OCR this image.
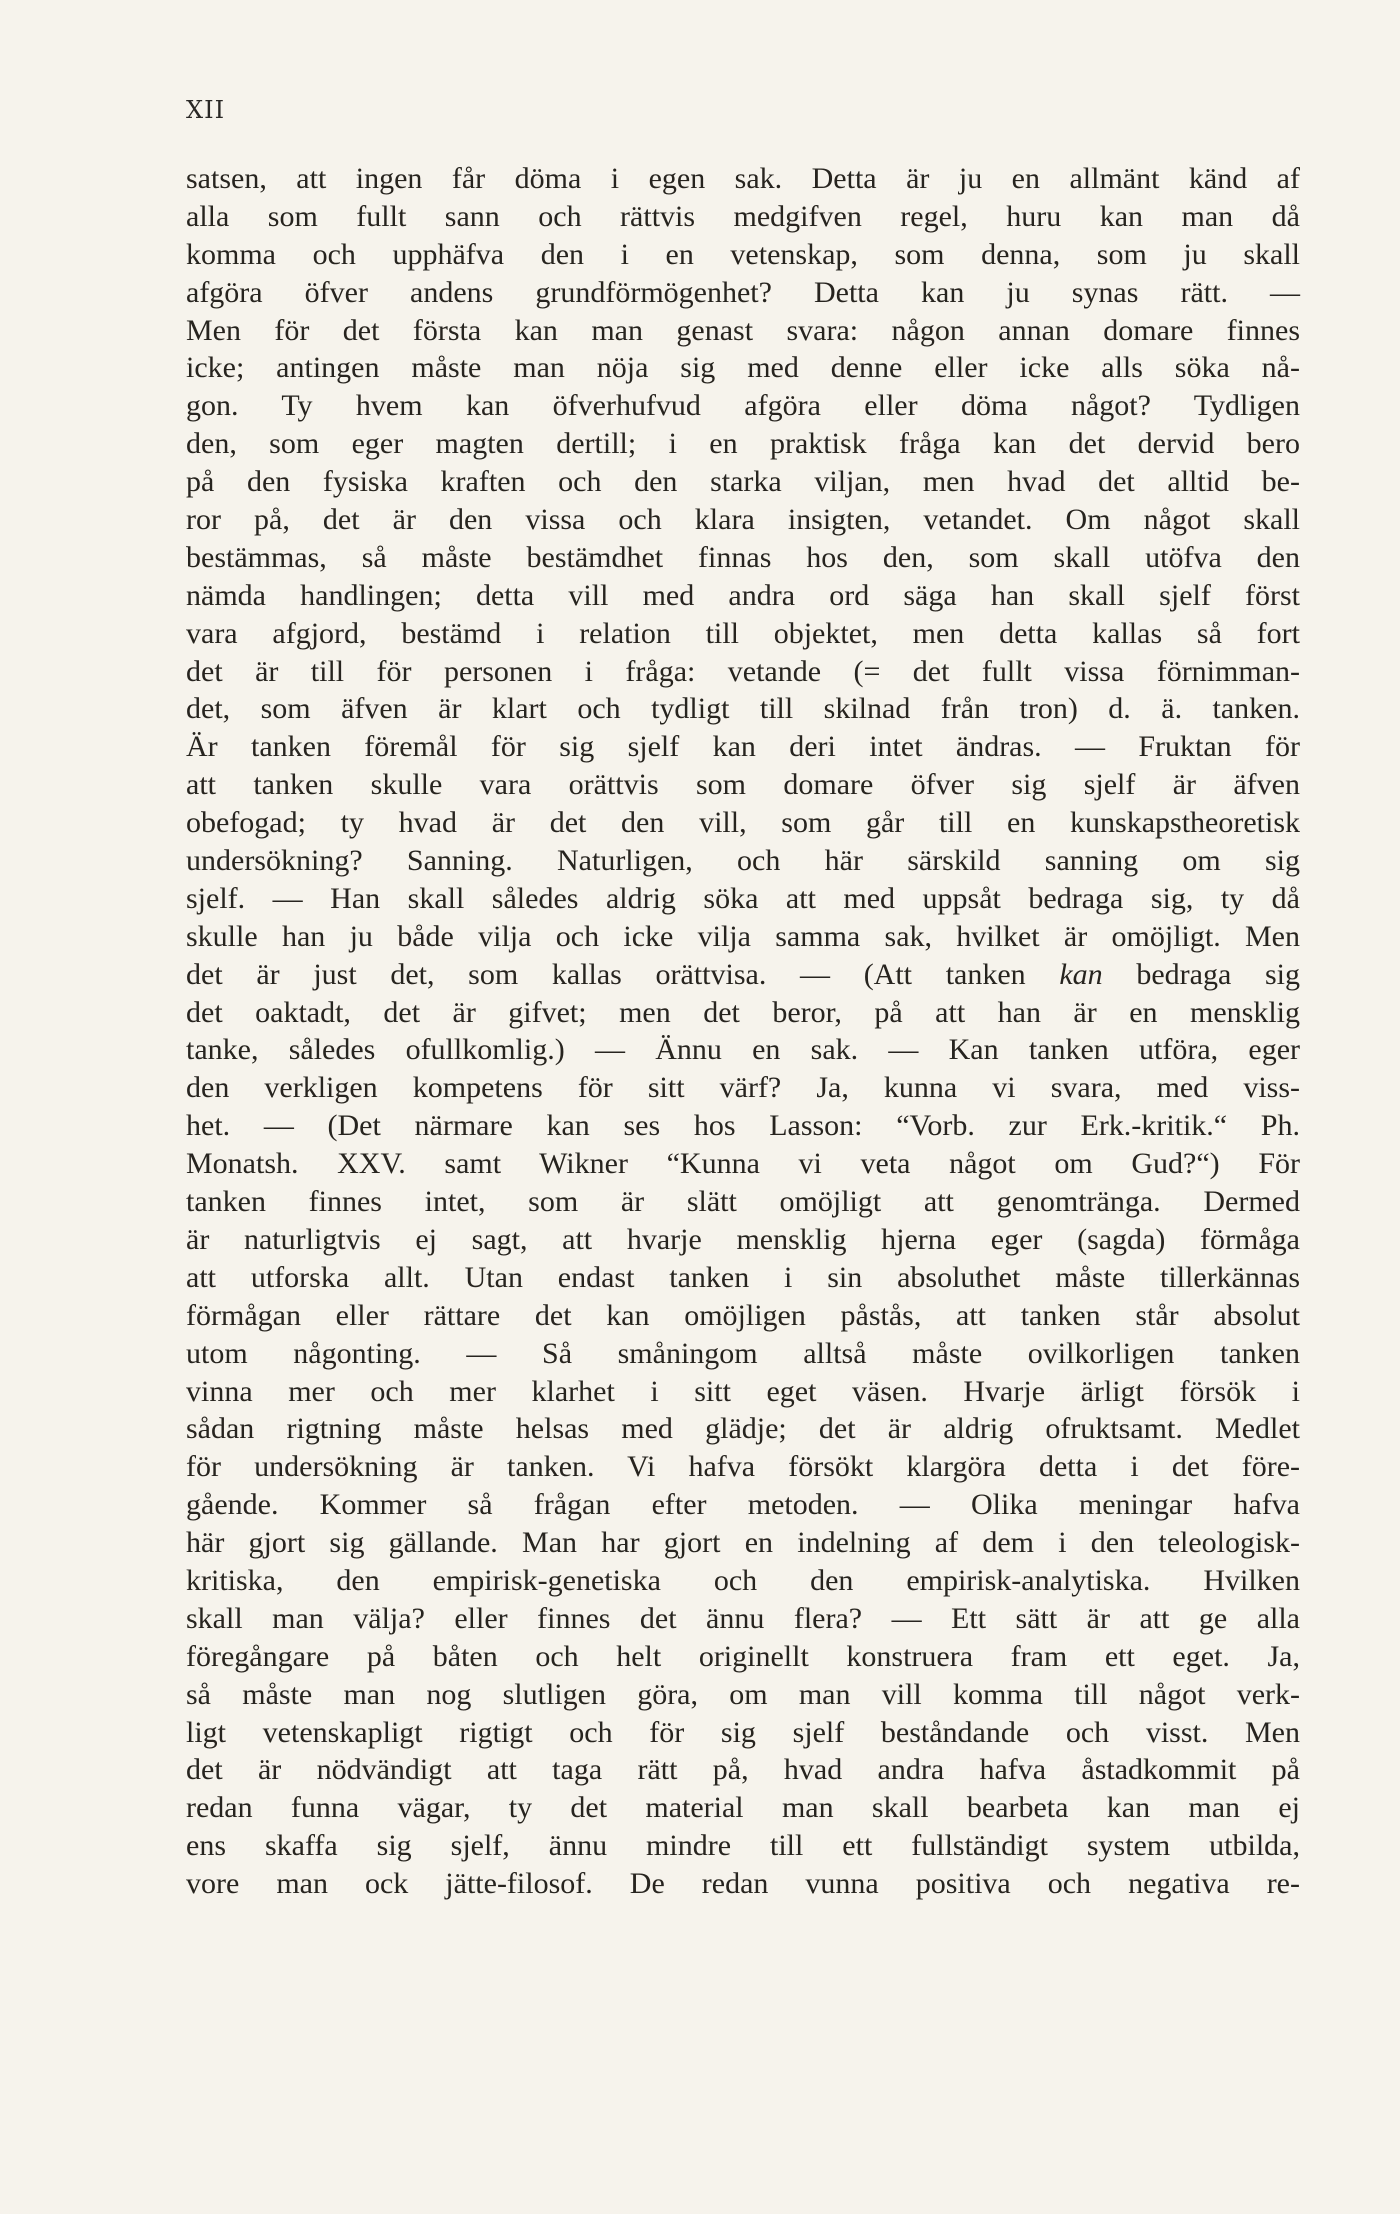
XII
satsen, att ingen får döma i egen sak. Detta är ju en allmänt känd af
alla som fullt sann och rättvis medgifven regel, huru kan man då
komma och upphäfva den i en vetenskap, som denna, som ju skall
afgöra öfver andens grundförmögenhet? Detta kan ju synas rätt. —
Men för det första kan man genast svara: någon annan domare finnes
icke; antingen måste man nöja sig med denne eller icke alls söka nå-
gon. Ty hvem kan öfverhufvud afgöra eller döma något? Tydligen
den, som eger magten dertill; i en praktisk fråga kan det dervid bero
på den fysiska kraften och den starka viljan, men hvad det alltid be-
ror på, det är den vissa och klara insigten, vetandet. Om något skall
bestämmas, så måste bestämdhet finnas hos den, som skall utöfva den
nämda handlingen; detta vill med andra ord säga han skall sjelf först
vara afgjord, bestämd i relation till objektet, men detta kallas så fort
det är till för personen i fråga: vetande (= det fullt vissa förnimman-
det, som äfven är klart och tydligt till skilnad från tron) d. ä. tanken.
Är tanken föremål för sig sjelf kan deri intet ändras. — Fruktan för
att tanken skulle vara orättvis som domare öfver sig sjelf är äfven
obefogad; ty hvad är det den vill, som går till en kunskapstheoretisk
undersökning? Sanning. Naturligen, och här särskild sanning om sig
sjelf. — Han skall således aldrig söka att med uppsåt bedraga sig, ty då
skulle han ju både vilja och icke vilja samma sak, hvilket är omöjligt. Men
det är just det, som kallas orättvisa. — (Att tanken kan bedraga sig
det oaktadt, det är gifvet; men det beror, på att han är en mensklig
tanke, således ofullkomlig.) — Ännu en sak. — Kan tanken utföra, eger
den verkligen kompetens för sitt värf? Ja, kunna vi svara, med viss-
het. — (Det närmare kan ses hos Lasson: “Vorb. zur Erk.-kritik.“ Ph.
Monatsh. XXV. samt Wikner “Kunna vi veta något om Gud?“) För
tanken finnes intet, som är slätt omöjligt att genomtränga. Dermed
är naturligtvis ej sagt, att hvarje mensklig hjerna eger (sagda) förmåga
att utforska allt. Utan endast tanken i sin absoluthet måste tillerkännas
förmågan eller rättare det kan omöjligen påstås, att tanken står absolut
utom någonting. — Så småningom alltså måste ovilkorligen tanken
vinna mer och mer klarhet i sitt eget väsen. Hvarje ärligt försök i
sådan rigtning måste helsas med glädje; det är aldrig ofruktsamt. Medlet
för undersökning är tanken. Vi hafva försökt klargöra detta i det före-
gående. Kommer så frågan efter metoden. — Olika meningar hafva
här gjort sig gällande. Man har gjort en indelning af dem i den teleologisk-
kritiska, den empirisk-genetiska och den empirisk-analytiska. Hvilken
skall man välja? eller finnes det ännu flera? — Ett sätt är att ge alla
föregångare på båten och helt originellt konstruera fram ett eget. Ja,
så måste man nog slutligen göra, om man vill komma till något verk-
ligt vetenskapligt rigtigt och för sig sjelf beståndande och visst. Men
det är nödvändigt att taga rätt på, hvad andra hafva åstadkommit på
redan funna vägar, ty det material man skall bearbeta kan man ej
ens skaffa sig sjelf, ännu mindre till ett fullständigt system utbilda,
vore man ock jätte-filosof. De redan vunna positiva och negativa re-
